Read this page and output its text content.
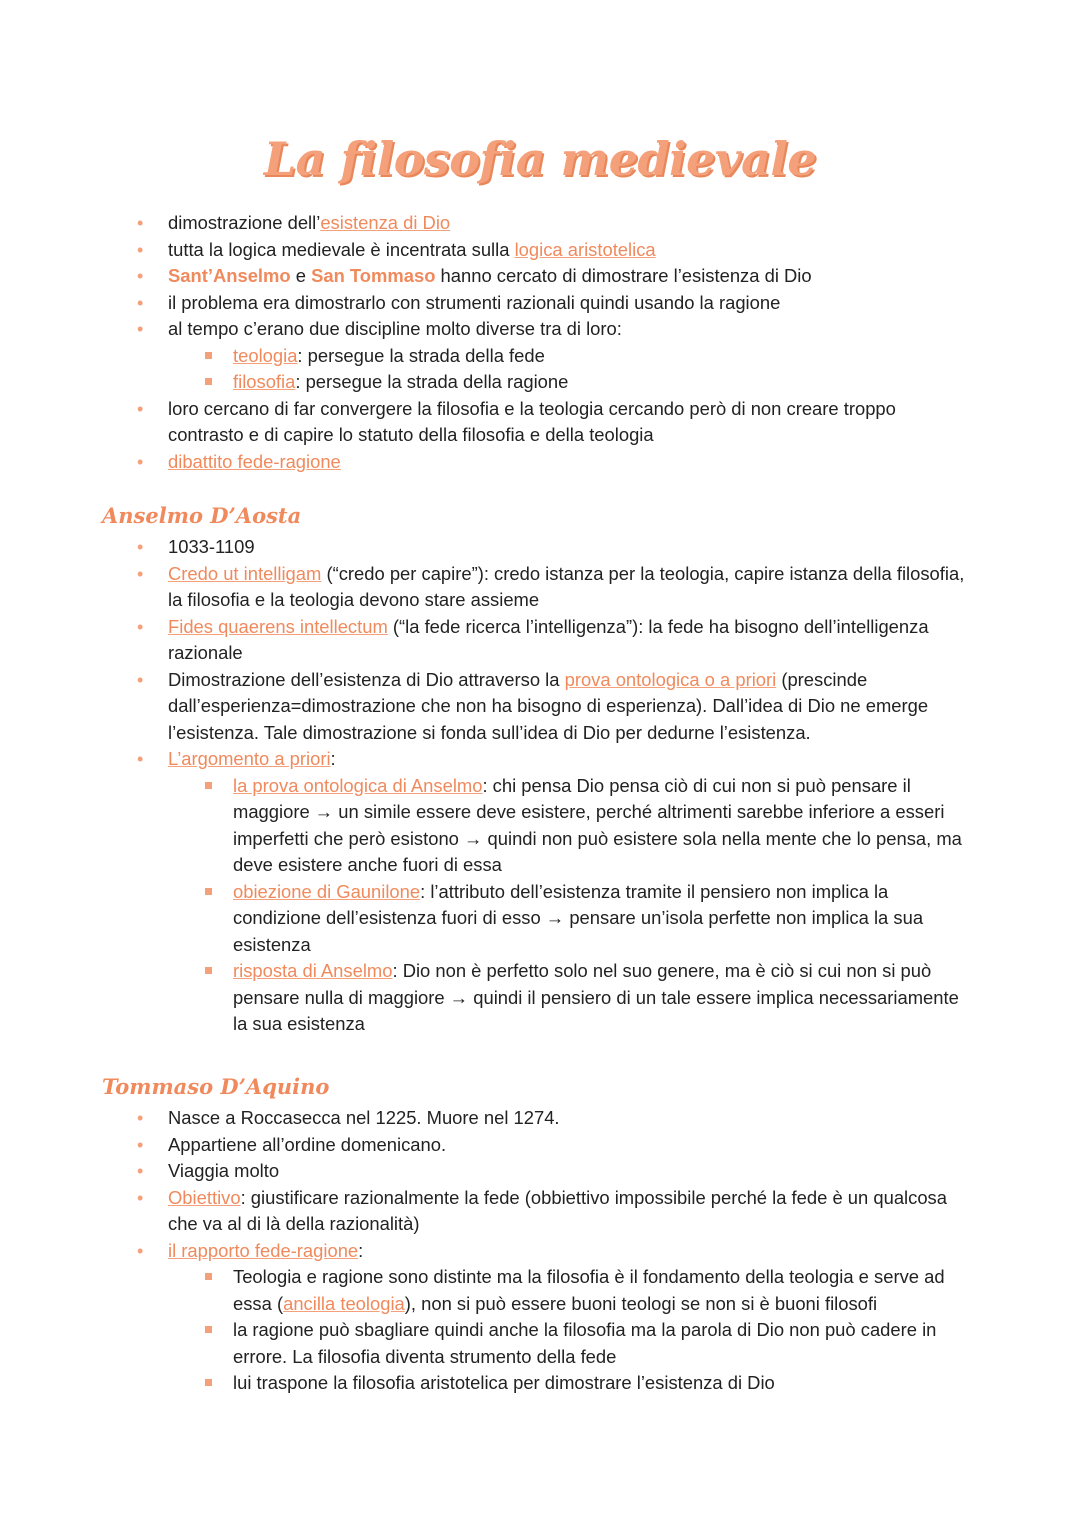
La filosofia medievale
• dimostrazione dell’esistenza di Dio
• tutta la logica medievale è incentrata sulla logica aristotelica
• Sant’Anselmo e San Tommaso hanno cercato di dimostrare l’esistenza di Dio
• il problema era dimostrarlo con strumenti razionali quindi usando la ragione
• al tempo c’erano due discipline molto diverse tra di loro:
teologia: persegue la strada della fede
filosofia: persegue la strada della ragione
• loro cercano di far convergere la filosofia e la teologia cercando però di non creare troppo contrasto e di capire lo statuto della filosofia e della teologia
• dibattito fede-ragione
Anselmo D’Aosta
• 1033-1109
• Credo ut intelligam (“credo per capire”): credo istanza per la teologia, capire istanza della filosofia, la filosofia e la teologia devono stare assieme
• Fides quaerens intellectum (“la fede ricerca l’intelligenza”): la fede ha bisogno dell’intelligenza razionale
• Dimostrazione dell’esistenza di Dio attraverso la prova ontologica o a priori (prescinde dall’esperienza=dimostrazione che non ha bisogno di esperienza). Dall’idea di Dio ne emerge l’esistenza. Tale dimostrazione si fonda sull’idea di Dio per dedurne l’esistenza.
• L’argomento a priori:
la prova ontologica di Anselmo: chi pensa Dio pensa ciò di cui non si può pensare il maggiore → un simile essere deve esistere, perché altrimenti sarebbe inferiore a esseri imperfetti che però esistono → quindi non può esistere sola nella mente che lo pensa, ma deve esistere anche fuori di essa
obiezione di Gaunilone: l’attributo dell’esistenza tramite il pensiero non implica la condizione dell’esistenza fuori di esso → pensare un’isola perfette non implica la sua esistenza
risposta di Anselmo: Dio non è perfetto solo nel suo genere, ma è ciò si cui non si può pensare nulla di maggiore → quindi il pensiero di un tale essere implica necessariamente la sua esistenza
Tommaso D’Aquino
• Nasce a Roccasecca nel 1225. Muore nel 1274.
• Appartiene all’ordine domenicano.
• Viaggia molto
• Obiettivo: giustificare razionalmente la fede (obbiettivo impossibile perché la fede è un qualcosa che va al di là della razionalità)
• il rapporto fede-ragione:
Teologia e ragione sono distinte ma la filosofia è il fondamento della teologia e serve ad essa (ancilla teologia), non si può essere buoni teologi se non si è buoni filosofi
la ragione può sbagliare quindi anche la filosofia ma la parola di Dio non può cadere in errore. La filosofia diventa strumento della fede
lui traspone la filosofia aristotelica per dimostrare l’esistenza di Dio
